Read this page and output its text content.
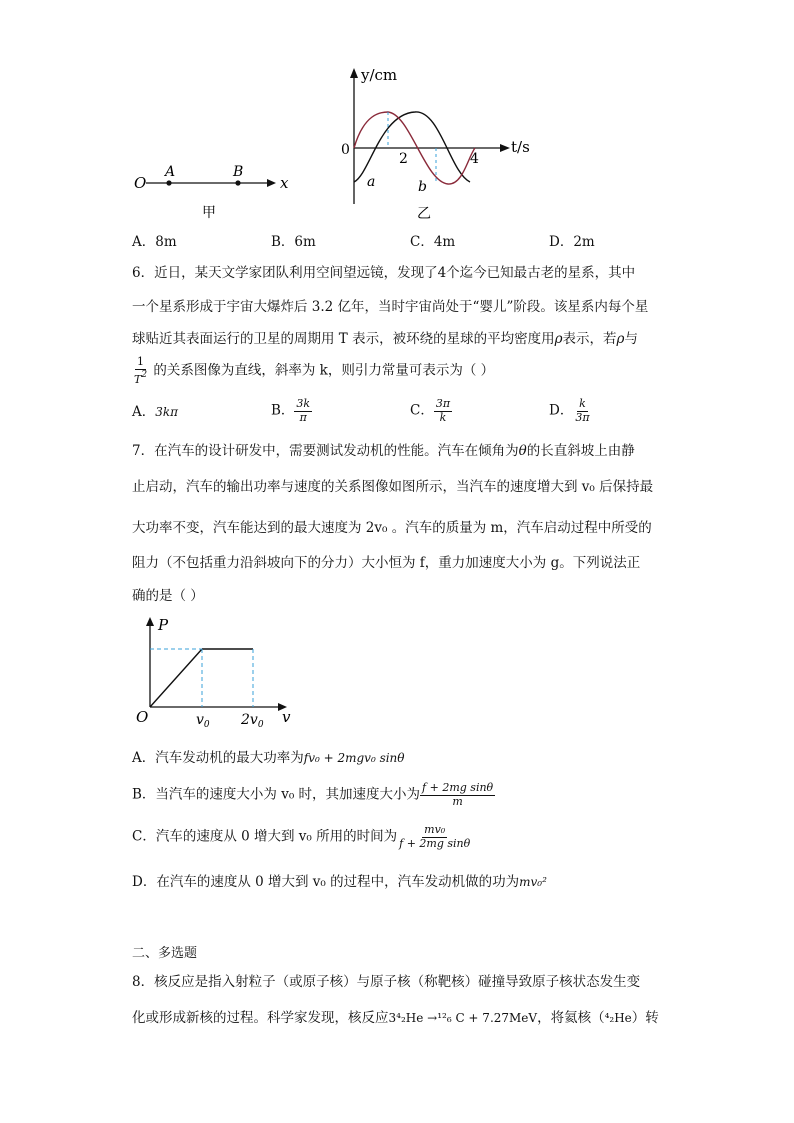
O
A	B
x
甲
y/cm
t/s
0
2	4
a	b
乙
A．8m	B．6m	C．4m	D．2m
6．近日，某天文学家团队利用空间望远镜，发现了4个迄今已知最古老的星系，其中
一个星系形成于宇宙大爆炸后 3.2 亿年，当时宇宙尚处于“婴儿”阶段。该星系内每个星
球贴近其表面运行的卫星的周期用 T 表示，被环绕的星球的平均密度用ρ表示，若ρ与
$\frac{1}{T^2}$ 的关系图像为直线，斜率为 k，则引力常量可表示为（ ）
A．3kπ	B． $\frac{3k}{\pi}$	C． $\frac{3\pi}{k}$	D． $\frac{k}{3\pi}$
7．在汽车的设计研发中，需要测试发动机的性能。汽车在倾角为θ的长直斜坡上由静
止启动，汽车的输出功率与速度的关系图像如图所示，当汽车的速度增大到 v₀ 后保持最
大功率不变，汽车能达到的最大速度为 2v₀ 。汽车的质量为 m，汽车启动过程中所受的
阻力（不包括重力沿斜坡向下的分力）大小恒为 f，重力加速度大小为 g。下列说法正
确的是（ ）
P
O	$v_0$ $2v_0$ v
A．汽车发动机的最大功率为fv₀ + 2mgv₀ sinθ
B．当汽车的速度大小为 v₀ 时，其加速度大小为 $\frac{\text{f + 2mg sinθ}}{m}$
C．汽车的速度从 0 增大到 v₀ 所用的时间为 $\frac{\text{mv₀}}{\text{f + 2mg sinθ}}$
D．在汽车的速度从 0 增大到 v₀ 的过程中，汽车发动机做的功为mv₀²
二、多选题
8．核反应是指入射粒子（或原子核）与原子核（称靶核）碰撞导致原子核状态发生变
化或形成新核的过程。科学家发现，核反应3⁴₂He →¹²₆ C + 7.27MeV，将氦核（⁴₂He）转
